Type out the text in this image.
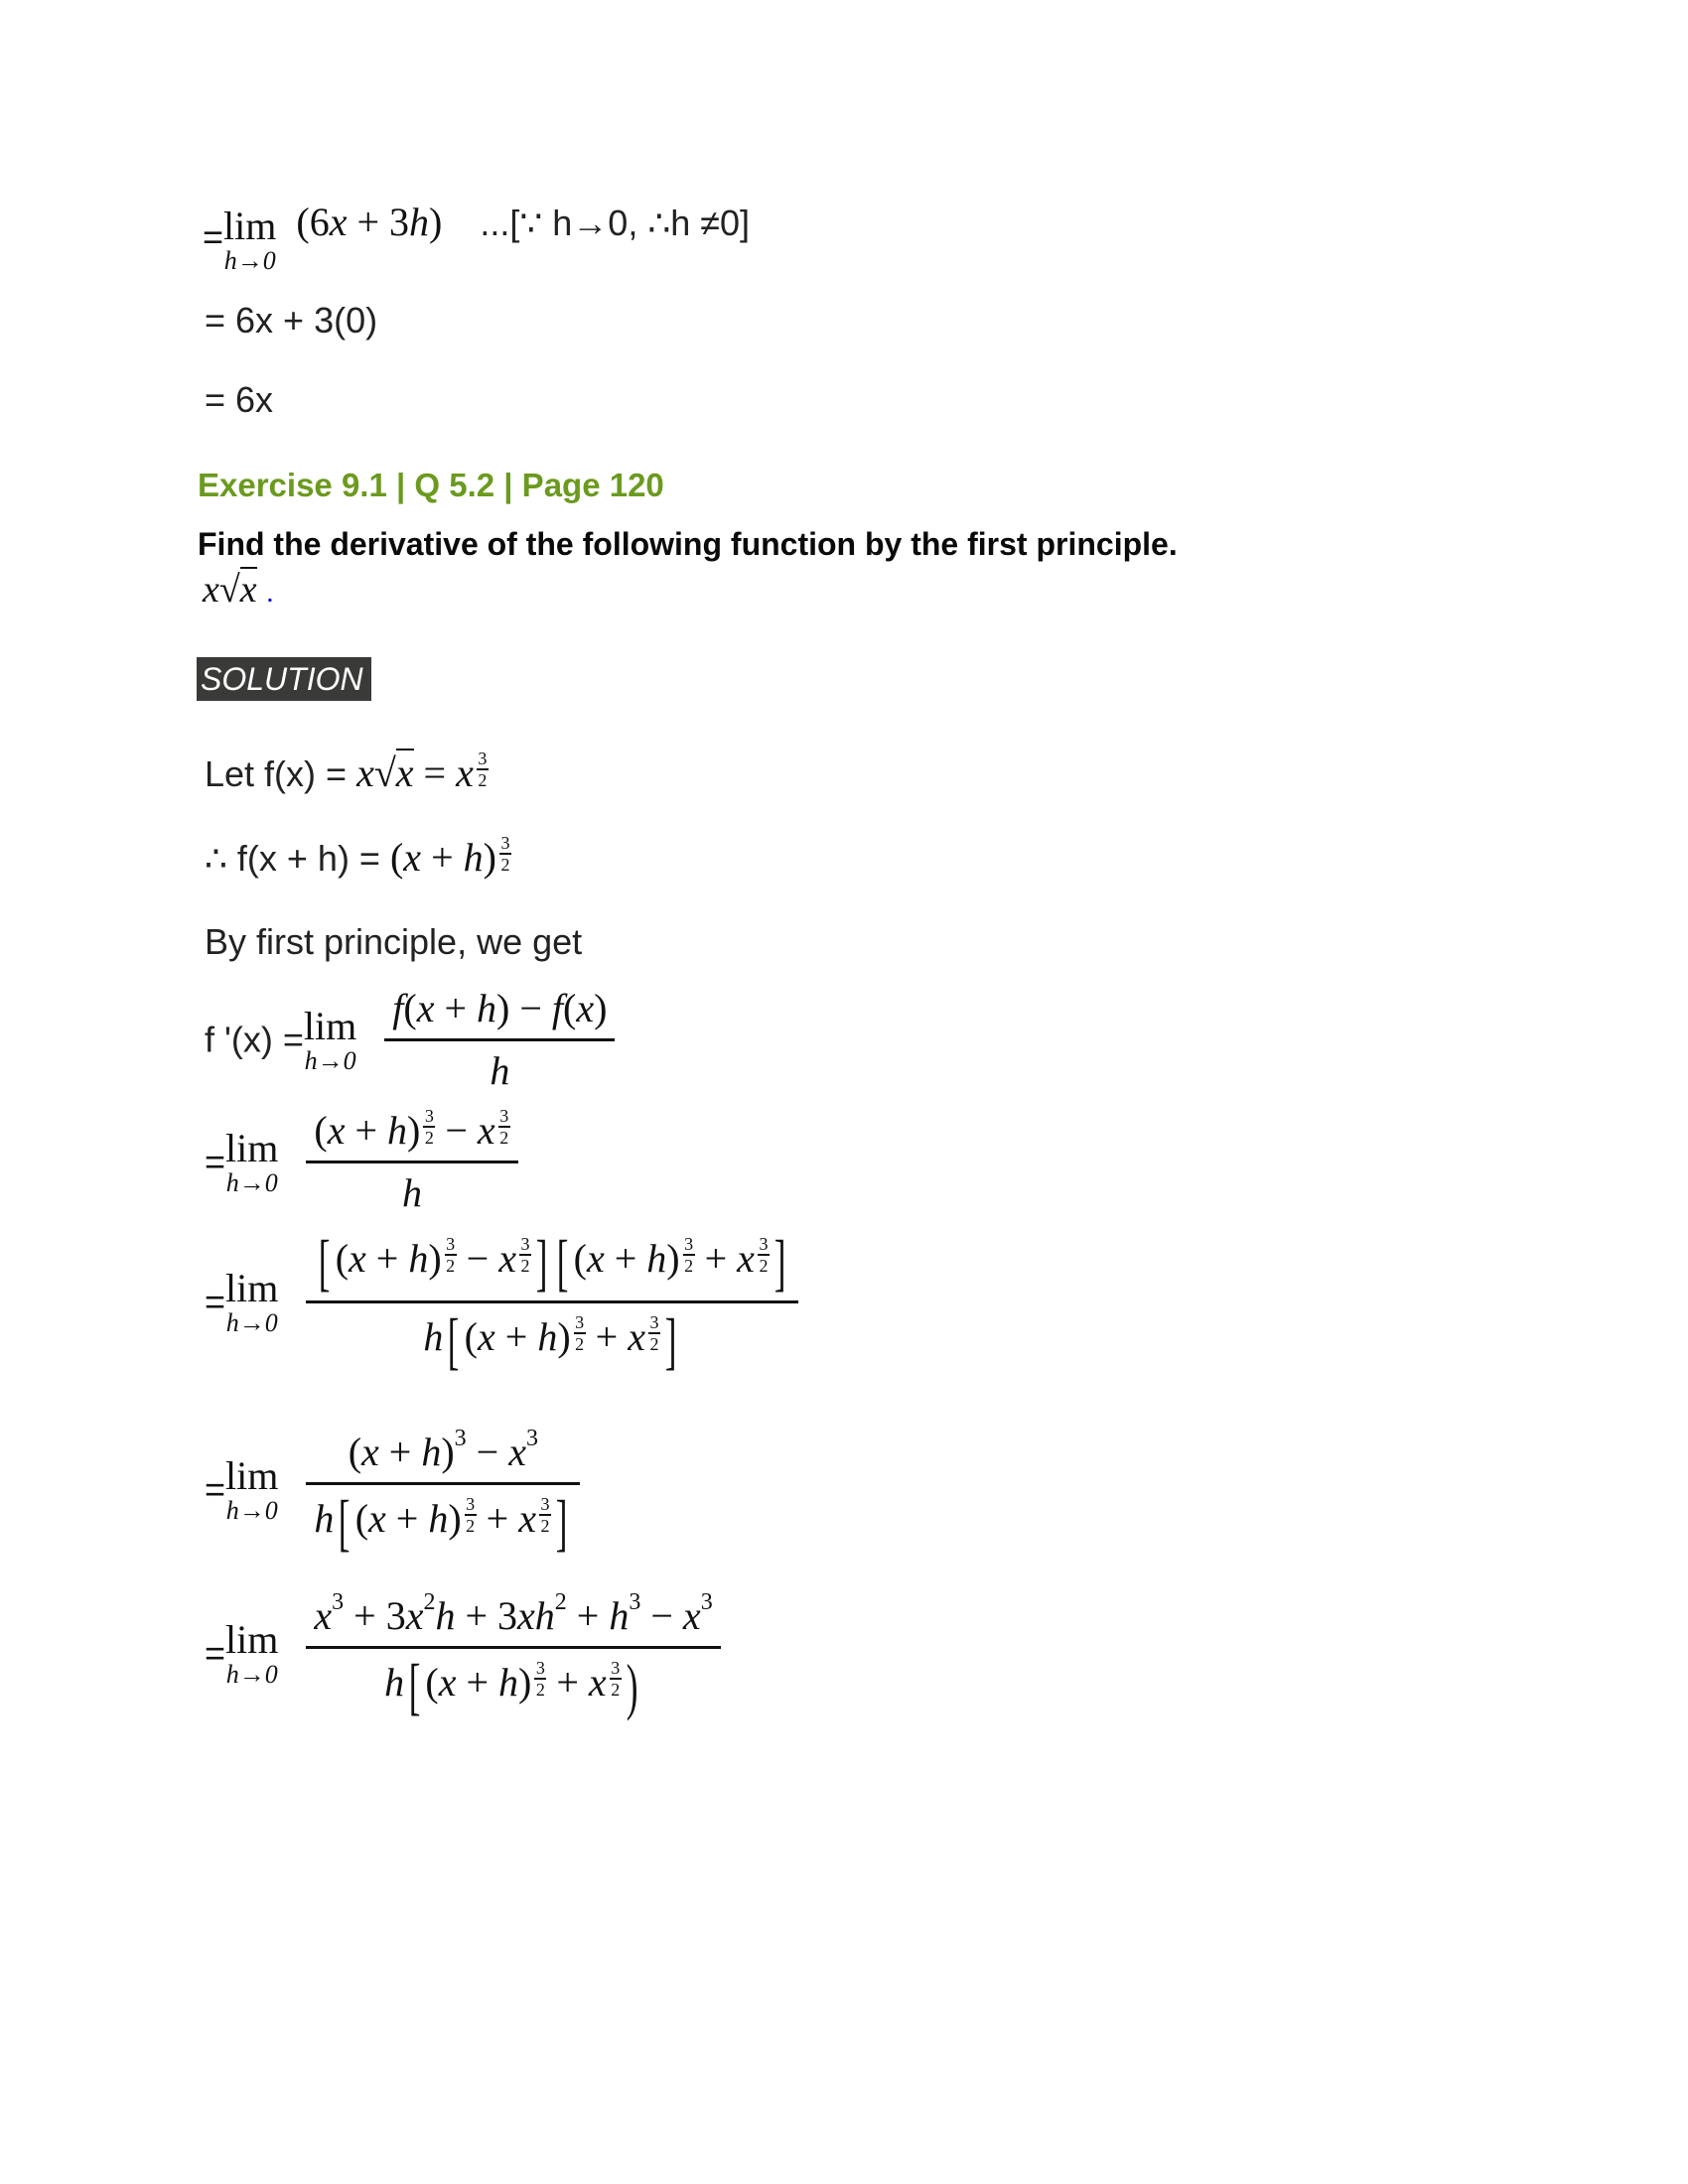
= lim
h→0
(6x + 3h) ...[∵ h→0, ∴h ≠0]
= 6x + 3(0)
= 6x
Exercise 9.1 | Q 5.2 | Page 120
Find the derivative of the following function by the first principle.
x√x .
SOLUTION
Let f(x) = x√x = x $^{\frac{3}{2}}$
∴ f(x + h) = (x + h) $^{\frac{3}{2}}$
By first principle, we get
f '(x) = lim
h→0
$\frac{f(x + h) - f(x)}{h}$
= lim
h→0
(x + h) $^{\frac{3}{2}}$ − x $^{\frac{3}{2}}$
h
= lim
h→0
[ (x + h) $^{\frac{3}{2}}$ − x $^{\frac{3}{2}}$ ] [ (x + h) $^{\frac{3}{2}}$ + x $^{\frac{3}{2}}$ ]
h[ (x + h) $^{\frac{3}{2}}$ + x $^{\frac{3}{2}}$ ]
= lim
h→0
$(x + h)^3 - x^3$
h[ (x + h) $^{\frac{3}{2}}$ + x $^{\frac{3}{2}}$ ]
= lim
h→0
$x^3 + 3x^2h + 3xh^2 + h^3 - x^3$
h[ (x + h) $^{\frac{3}{2}}$ + x $^{\frac{3}{2}}$ )
